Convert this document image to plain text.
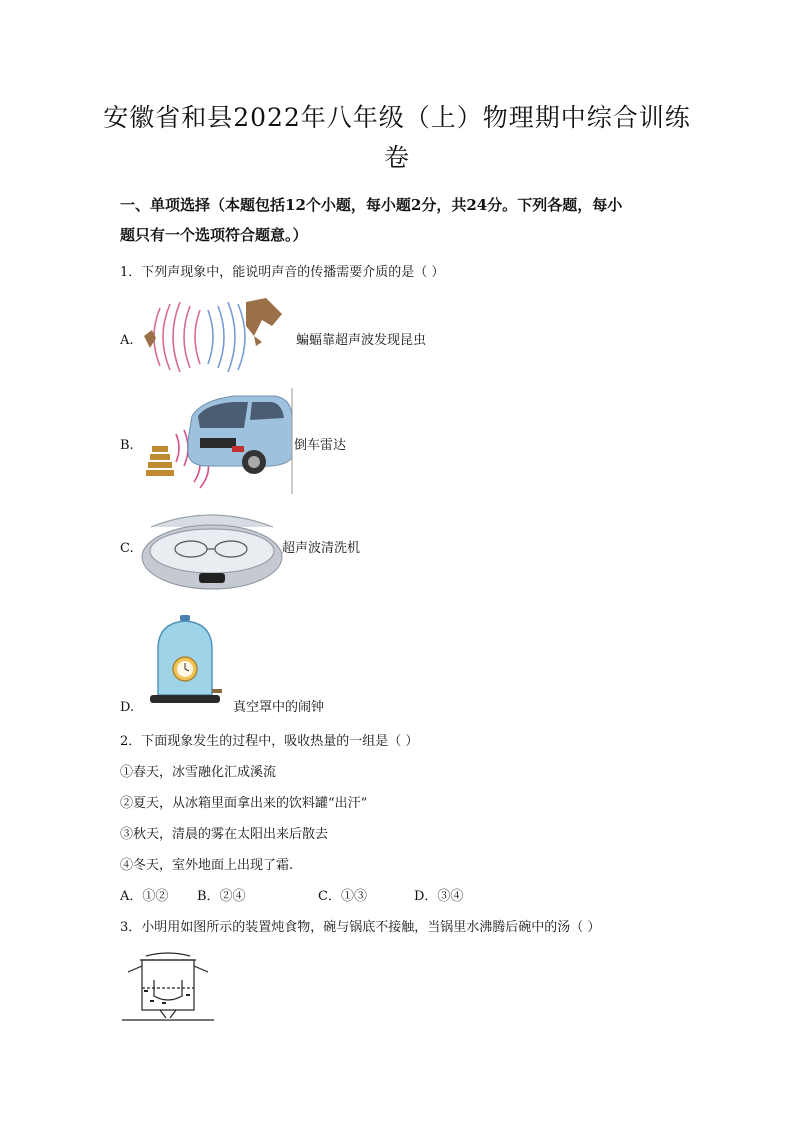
安徽省和县2022年八年级（上）物理期中综合训练
卷
一、单项选择（本题包括12个小题，每小题2分，共24分。下列各题，每小
题只有一个选项符合题意。）
1．下列声现象中，能说明声音的传播需要介质的是（ ）
A.	蝙蝠靠超声波发现昆虫
B.	倒车雷达
C.	超声波清洗机
D.	真空罩中的闹钟
2．下面现象发生的过程中，吸收热量的一组是（ ）
①春天，冰雪融化汇成溪流
②夏天，从冰箱里面拿出来的饮料罐“出汗”
③秋天，清晨的雾在太阳出来后散去
④冬天，室外地面上出现了霜.
A．①② B．②④	C．①③	D．③④
3．小明用如图所示的装置炖食物，碗与锅底不接触，当锅里水沸腾后碗中的汤（ ）
